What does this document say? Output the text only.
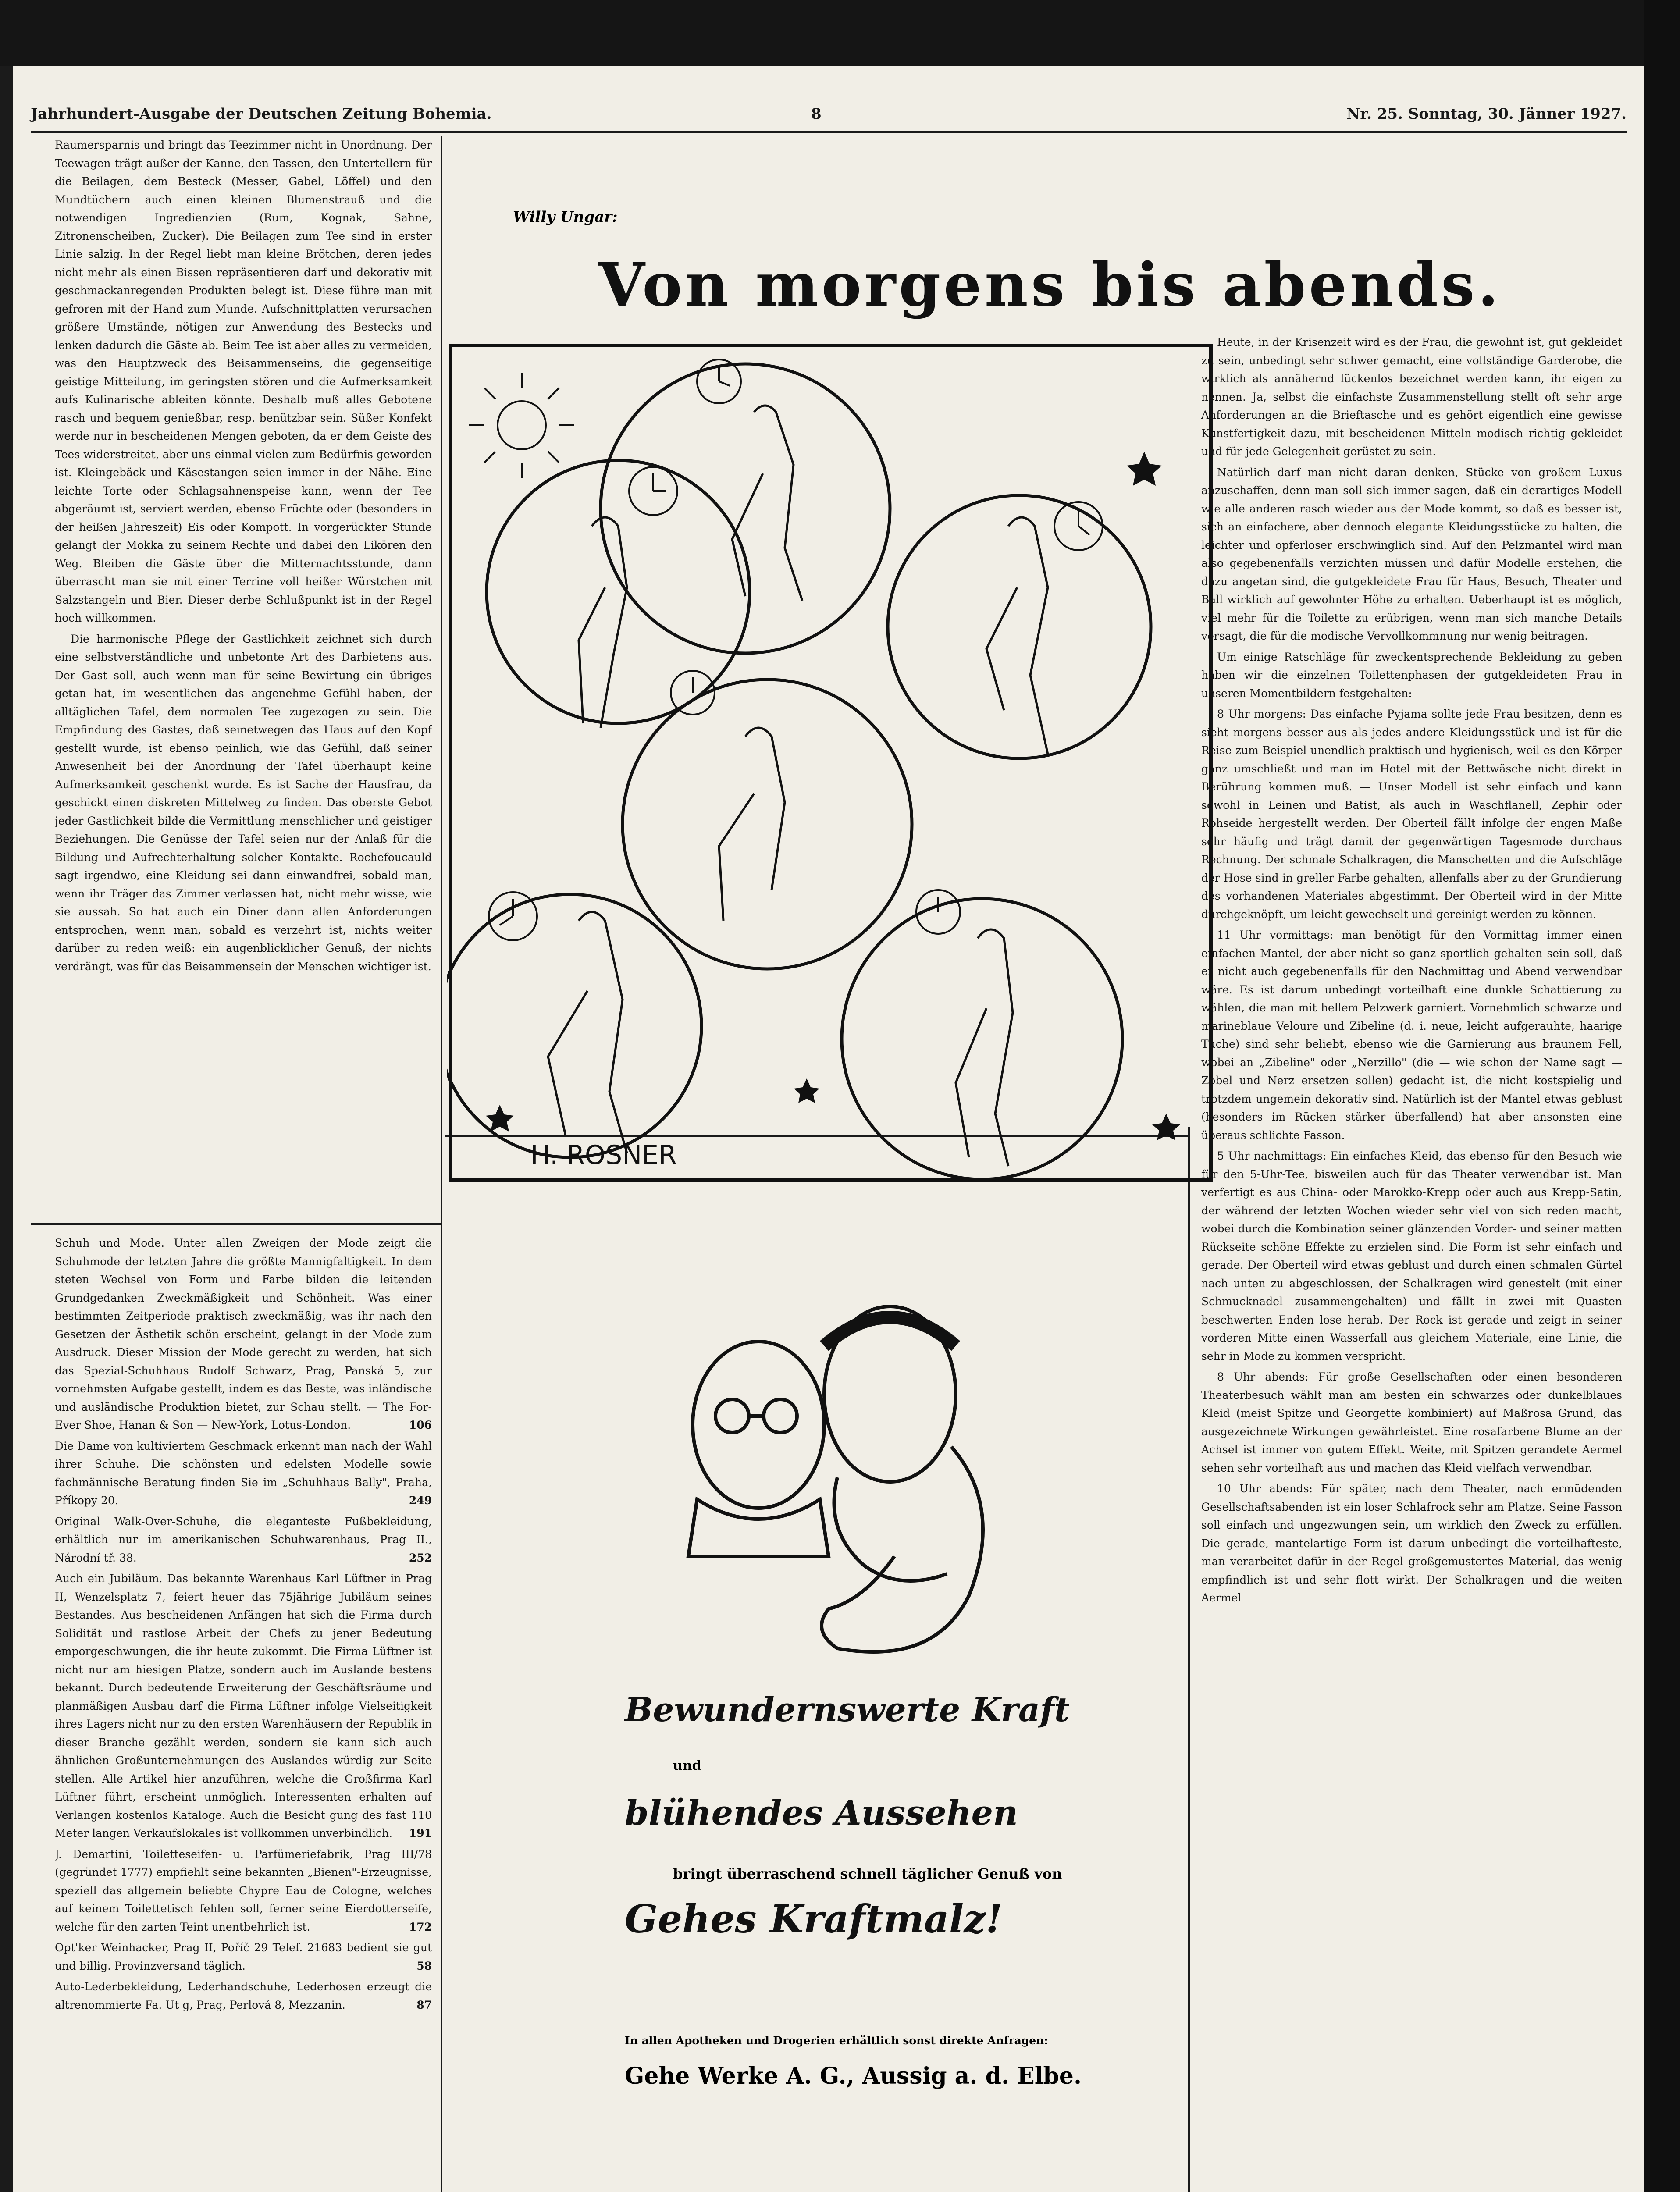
Jahrhundert-Ausgabe der Deutschen Zeitung Bohemia.	8	Nr. 25. Sonntag, 30. Jänner 1927.

Raumersparnis und bringt das Teezimmer nicht in Unordnung. Der Teewagen trägt außer der Kanne, den Tassen, den Untertellern für die Beilagen, dem Besteck (Messer, Gabel, Löffel) und den Mundtüchern auch einen kleinen Blumenstrauß und die notwendigen Ingredienzien (Rum, Kognak, Sahne, Zitronenscheiben, Zucker). Die Beilagen zum Tee sind in erster Linie salzig. In der Regel liebt man kleine Brötchen, deren jedes nicht mehr als einen Bissen repräsentieren darf und dekorativ mit geschmackanregenden Produkten belegt ist. Diese führe man mit gefroren mit der Hand zum Munde. Aufschnittplatten verursachen größere Umstände, nötigen zur Anwendung des Bestecks und lenken dadurch die Gäste ab. Beim Tee ist aber alles zu vermeiden, was den Hauptzweck des Beisammenseins, die gegenseitige geistige Mitteilung, im geringsten stören und die Aufmerksamkeit aufs Kulinarische ableiten könnte. Deshalb muß alles Gebotene rasch und bequem genießbar, resp. benützbar sein. Süßer Konfekt werde nur in bescheidenen Mengen geboten, da er dem Geiste des Tees widerstreitet, aber uns einmal vielen zum Bedürfnis geworden ist. Kleingebäck und Käsestangen seien immer in der Nähe. Eine leichte Torte oder Schlagsahnenspeise kann, wenn der Tee abgeräumt ist, serviert werden, ebenso Früchte oder (besonders in der heißen Jahreszeit) Eis oder Kompott. In vorgerückter Stunde gelangt der Mokka zu seinem Rechte und dabei den Likören den Weg. Bleiben die Gäste über die Mitternachtsstunde, dann überrascht man sie mit einer Terrine voll heißer Würstchen mit Salzstangeln und Bier. Dieser derbe Schlußpunkt ist in der Regel hoch willkommen.

Die harmonische Pflege der Gastlichkeit zeichnet sich durch eine selbstverständliche und unbetonte Art des Darbietens aus. Der Gast soll, auch wenn man für seine Bewirtung ein übriges getan hat, im wesentlichen das angenehme Gefühl haben, der alltäglichen Tafel, dem normalen Tee zugezogen zu sein. Die Empfindung des Gastes, daß seinetwegen das Haus auf den Kopf gestellt wurde, ist ebenso peinlich, wie das Gefühl, daß seiner Anwesenheit bei der Anordnung der Tafel überhaupt keine Aufmerksamkeit geschenkt wurde. Es ist Sache der Hausfrau, da geschickt einen diskreten Mittelweg zu finden. Das oberste Gebot jeder Gastlichkeit bilde die Vermittlung menschlicher und geistiger Beziehungen. Die Genüsse der Tafel seien nur der Anlaß für die Bildung und Aufrechterhaltung solcher Kontakte. Rochefoucauld sagt irgendwo, eine Kleidung sei dann einwandfrei, sobald man, wenn ihr Träger das Zimmer verlassen hat, nicht mehr wisse, wie sie aussah. So hat auch ein Diner dann allen Anforderungen entsprochen, wenn man, sobald es verzehrt ist, nichts weiter darüber zu reden weiß: ein augenblicklicher Genuß, der nichts verdrängt, was für das Beisammensein der Menschen wichtiger ist.

Schuh und Mode. Unter allen Zweigen der Mode zeigt die Schuhmode der letzten Jahre die größte Mannigfaltigkeit. In dem steten Wechsel von Form und Farbe bilden die leitenden Grundgedanken Zweckmäßigkeit und Schönheit. Was einer bestimmten Zeitperiode praktisch zweckmäßig, was ihr nach den Gesetzen der Ästhetik schön erscheint, gelangt in der Mode zum Ausdruck. Dieser Mission der Mode gerecht zu werden, hat sich das Spezial-Schuhhaus Rudolf Schwarz, Prag, Panská 5, zur vornehmsten Aufgabe gestellt, indem es das Beste, was inländische und ausländische Produktion bietet, zur Schau stellt. — The For-Ever Shoe, Hanan & Son — New-York, Lotus-London.	106

Die Dame von kultiviertem Geschmack erkennt man nach der Wahl ihrer Schuhe. Die schönsten und edelsten Modelle sowie fachmännische Beratung finden Sie im „Schuhhaus Bally", Praha, Příkopy 20.	249

Original Walk-Over-Schuhe, die eleganteste Fußbekleidung, erhältlich nur im amerikanischen Schuhwarenhaus, Prag II., Národní tř. 38.	252

Auch ein Jubiläum. Das bekannte Warenhaus Karl Lüftner in Prag II, Wenzelsplatz 7, feiert heuer das 75jährige Jubiläum seines Bestandes. Aus bescheidenen Anfängen hat sich die Firma durch Solidität und rastlose Arbeit der Chefs zu jener Bedeutung emporgeschwungen, die ihr heute zukommt. Die Firma Lüftner ist nicht nur am hiesigen Platze, sondern auch im Auslande bestens bekannt. Durch bedeutende Erweiterung der Geschäftsräume und planmäßigen Ausbau darf die Firma Lüftner infolge Vielseitigkeit ihres Lagers nicht nur zu den ersten Warenhäusern der Republik in dieser Branche gezählt werden, sondern sie kann sich auch ähnlichen Großunternehmungen des Auslandes würdig zur Seite stellen. Alle Artikel hier anzuführen, welche die Großfirma Karl Lüftner führt, erscheint unmöglich. Interessenten erhalten auf Verlangen kostenlos Kataloge. Auch die Besicht gung des fast 110 Meter langen Verkaufslokales ist vollkommen unverbindlich. 191

J. Demartini, Toiletteseifen- u. Parfümeriefabrik, Prag III/78 (gegründet 1777) empfiehlt seine bekannten „Bienen"-Erzeugnisse, speziell das allgemein beliebte Chypre Eau de Cologne, welches auf keinem Toilettetisch fehlen soll, ferner seine Eierdotterseife, welche für den zarten Teint unentbehrlich ist.	172

Opt'ker Weinhacker, Prag II, Poříč 29 Telef. 21683 bedient sie gut und billig. Provinzversand täglich.	58

Auto-Lederbekleidung, Lederhandschuhe, Lederhosen erzeugt die altrenommierte Fa. Ut g, Prag, Perlová 8, Mezzanin.	87

Willy Ungar:
Von morgens bis abends.
H. ROSNER

Heute, in der Krisenzeit wird es der Frau, die gewohnt ist, gut gekleidet zu sein, unbedingt sehr schwer gemacht, eine vollständige Garderobe, die wirklich als annähernd lückenlos bezeichnet werden kann, ihr eigen zu nennen. Ja, selbst die einfachste Zusammenstellung stellt oft sehr arge Anforderungen an die Brieftasche und es gehört eigentlich eine gewisse Kunstfertigkeit dazu, mit bescheidenen Mitteln modisch richtig gekleidet und für jede Gelegenheit gerüstet zu sein.

Natürlich darf man nicht daran denken, Stücke von großem Luxus anzuschaffen, denn man soll sich immer sagen, daß ein derartiges Modell wie alle anderen rasch wieder aus der Mode kommt, so daß es besser ist, sich an einfachere, aber dennoch elegante Kleidungsstücke zu halten, die leichter und opferloser erschwinglich sind. Auf den Pelzmantel wird man also gegebenenfalls verzichten müssen und dafür Modelle erstehen, die dazu angetan sind, die gutgekleidete Frau für Haus, Besuch, Theater und Ball wirklich auf gewohnter Höhe zu erhalten. Ueberhaupt ist es möglich, viel mehr für die Toilette zu erübrigen, wenn man sich manche Details versagt, die für die modische Vervollkommnung nur wenig beitragen.

Um einige Ratschläge für zweckentsprechende Bekleidung zu geben haben wir die einzelnen Toilettenphasen der gutgekleideten Frau in unseren Momentbildern festgehalten:

8 Uhr morgens: Das einfache Pyjama sollte jede Frau besitzen, denn es sieht morgens besser aus als jedes andere Kleidungsstück und ist für die Reise zum Beispiel unendlich praktisch und hygienisch, weil es den Körper ganz umschließt und man im Hotel mit der Bettwäsche nicht direkt in Berührung kommen muß. — Unser Modell ist sehr einfach und kann sowohl in Leinen und Batist, als auch in Waschflanell, Zephir oder Rohseide hergestellt werden. Der Oberteil fällt infolge der engen Maße sehr häufig und trägt damit der gegenwärtigen Tagesmode durchaus Rechnung. Der schmale Schalkragen, die Manschetten und die Aufschläge der Hose sind in greller Farbe gehalten, allenfalls aber zu der Grundierung des vorhandenen Materiales abgestimmt. Der Oberteil wird in der Mitte durchgeknöpft, um leicht gewechselt und gereinigt werden zu können.

11 Uhr vormittags: man benötigt für den Vormittag immer einen einfachen Mantel, der aber nicht so ganz sportlich gehalten sein soll, daß er nicht auch gegebenenfalls für den Nachmittag und Abend verwendbar wäre. Es ist darum unbedingt vorteilhaft eine dunkle Schattierung zu wählen, die man mit hellem Pelzwerk garniert. Vornehmlich schwarze und marineblaue Veloure und Zibeline (d. i. neue, leicht aufgerauhte, haarige Tuche) sind sehr beliebt, ebenso wie die Garnierung aus braunem Fell, wobei an „Zibeline" oder „Nerzillo" (die — wie schon der Name sagt — Zobel und Nerz ersetzen sollen) gedacht ist, die nicht kostspielig und trotzdem ungemein dekorativ sind. Natürlich ist der Mantel etwas geblust (besonders im Rücken stärker überfallend) hat aber ansonsten eine überaus schlichte Fasson.

5 Uhr nachmittags: Ein einfaches Kleid, das ebenso für den Besuch wie für den 5-Uhr-Tee, bisweilen auch für das Theater verwendbar ist. Man verfertigt es aus China- oder Marokko-Krepp oder auch aus Krepp-Satin, der während der letzten Wochen wieder sehr viel von sich reden macht, wobei durch die Kombination seiner glänzenden Vorder- und seiner matten Rückseite schöne Effekte zu erzielen sind. Die Form ist sehr einfach und gerade. Der Oberteil wird etwas geblust und durch einen schmalen Gürtel nach unten zu abgeschlossen, der Schalkragen wird genestelt (mit einer Schmucknadel zusammengehalten) und fällt in zwei mit Quasten beschwerten Enden lose herab. Der Rock ist gerade und zeigt in seiner vorderen Mitte einen Wasserfall aus gleichem Materiale, eine Linie, die sehr in Mode zu kommen verspricht.

8 Uhr abends: Für große Gesellschaften oder einen besonderen Theaterbesuch wählt man am besten ein schwarzes oder dunkelblaues Kleid (meist Spitze und Georgette kombiniert) auf Maßrosa Grund, das ausgezeichnete Wirkungen gewährleistet. Eine rosafarbene Blume an der Achsel ist immer von gutem Effekt. Weite, mit Spitzen gerandete Aermel sehen sehr vorteilhaft aus und machen das Kleid vielfach verwendbar.

10 Uhr abends: Für später, nach dem Theater, nach ermüdenden Gesellschaftsabenden ist ein loser Schlafrock sehr am Platze. Seine Fasson soll einfach und ungezwungen sein, um wirklich den Zweck zu erfüllen. Die gerade, mantelartige Form ist darum unbedingt die vorteilhafteste, man verarbeitet dafür in der Regel großgemustertes Material, das wenig empfindlich ist und sehr flott wirkt. Der Schalkragen und die weiten Aermel

Bewundernswerte Kraft
und
blühendes Aussehen
bringt überraschend schnell täglicher Genuß von
Gehes Kraftmalz!
In allen Apotheken und Drogerien erhältlich sonst direkte Anfragen:
Gehe Werke A. G., Aussig a. d. Elbe.
